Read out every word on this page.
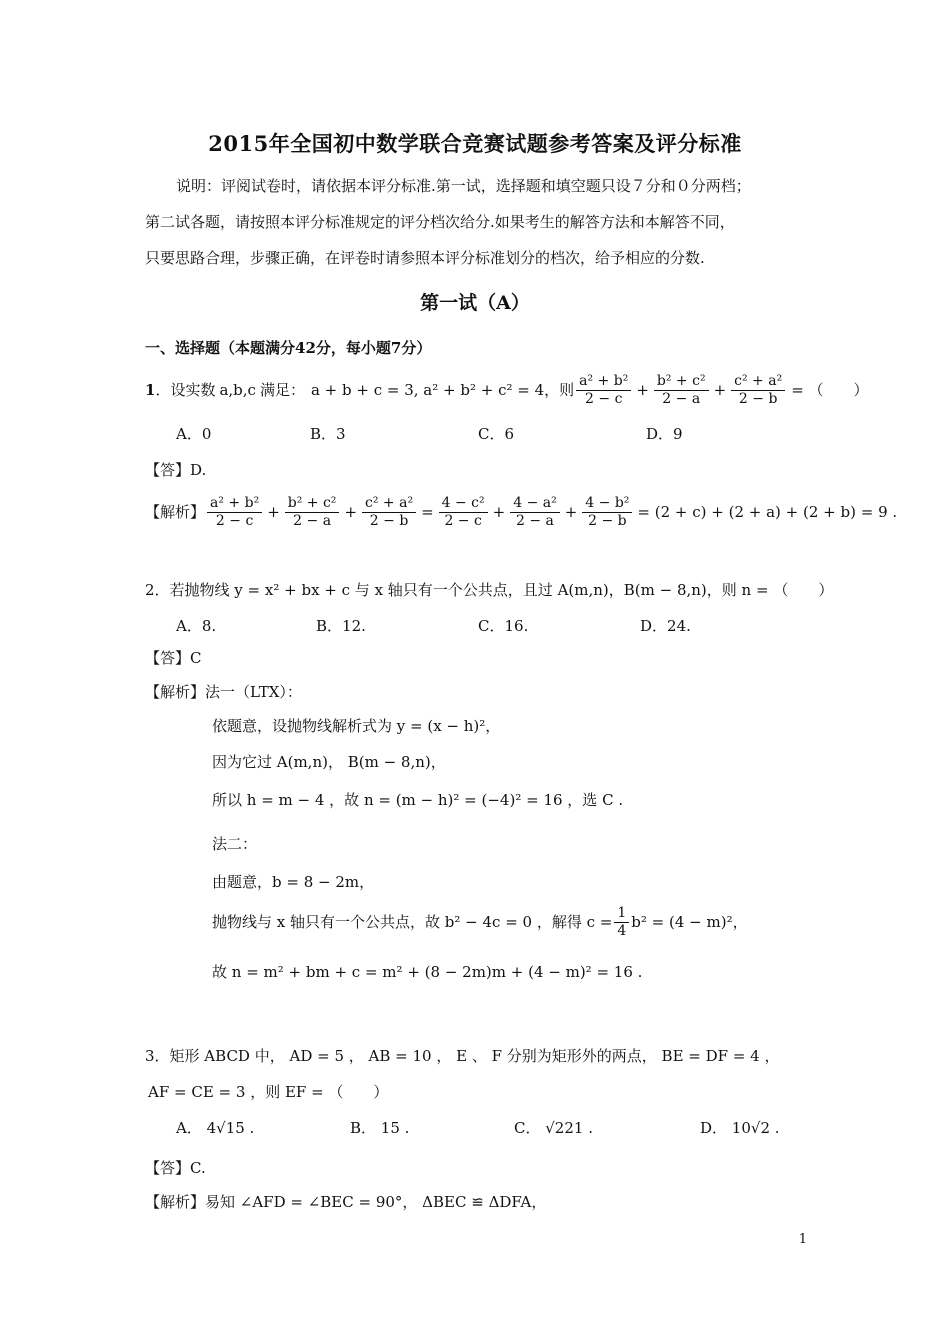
2015年全国初中数学联合竞赛试题参考答案及评分标准
说明：评阅试卷时，请依据本评分标准.第一试，选择题和填空题只设７分和０分两档；
第二试各题，请按照本评分标准规定的评分档次给分.如果考生的解答方法和本解答不同，
只要思路合理，步骤正确，在评卷时请参照本评分标准划分的档次，给予相应的分数.
第一试（A）
一、选择题（本题满分42分，每小题7分）
1 ．设实数 a,b,c 满足： a + b + c = 3, a² + b² + c² = 4 ，则 $\frac{\text{a² + b²}}{2 - c} + \frac{\text{b² + c²}}{2 - a} + \frac{\text{c² + a²}}{2 - b}$ = （　　）
A．0	B．3	C．6	D．9
【答】D.
【解析】 $\frac{\text{a² + b²}}{2 - c} + \frac{\text{b² + c²}}{2 - a} + \frac{\text{c² + a²}}{2 - b} = \frac{\text{4 − c²}}{2 - c} + \frac{\text{4 − a²}}{2 - a} + \frac{\text{4 − b²}}{2 - b} = (2 + c) + (2 + a) + (2 + b) = 9$ .
2．若抛物线 y = x² + bx + c 与 x 轴只有一个公共点，且过 A(m,n)，B(m − 8,n)，则 n = （　　）
A．8.	B．12.	C．16.	D．24.
【答】C
【解析】法一（LTX）：
依题意，设抛物线解析式为 y = (x − h)²，
因为它过 A(m,n)， B(m − 8,n)，
所以 h = m − 4 ，故 n = (m − h)² = (−4)² = 16 ，选 C .
法二：
由题意，b = 8 − 2m，
抛物线与 x 轴只有一个公共点，故 b² − 4c = 0 ，解得 $c = \frac{1}{4} b^2 = (4 - m)^2$，
故 n = m² + bm + c = m² + (8 − 2m)m + (4 − m)² = 16 .
3．矩形 ABCD 中， AD = 5 ， AB = 10 ， E 、 F 分别为矩形外的两点， BE = DF = 4 ，
AF = CE = 3 ，则 EF = （　　）
A． 4√15 .	B． 15 .	C． √221 .	D． 10√2 .
【答】C.
【解析】易知 ∠AFD = ∠BEC = 90°， ΔBEC ≌ ΔDFA，
1
